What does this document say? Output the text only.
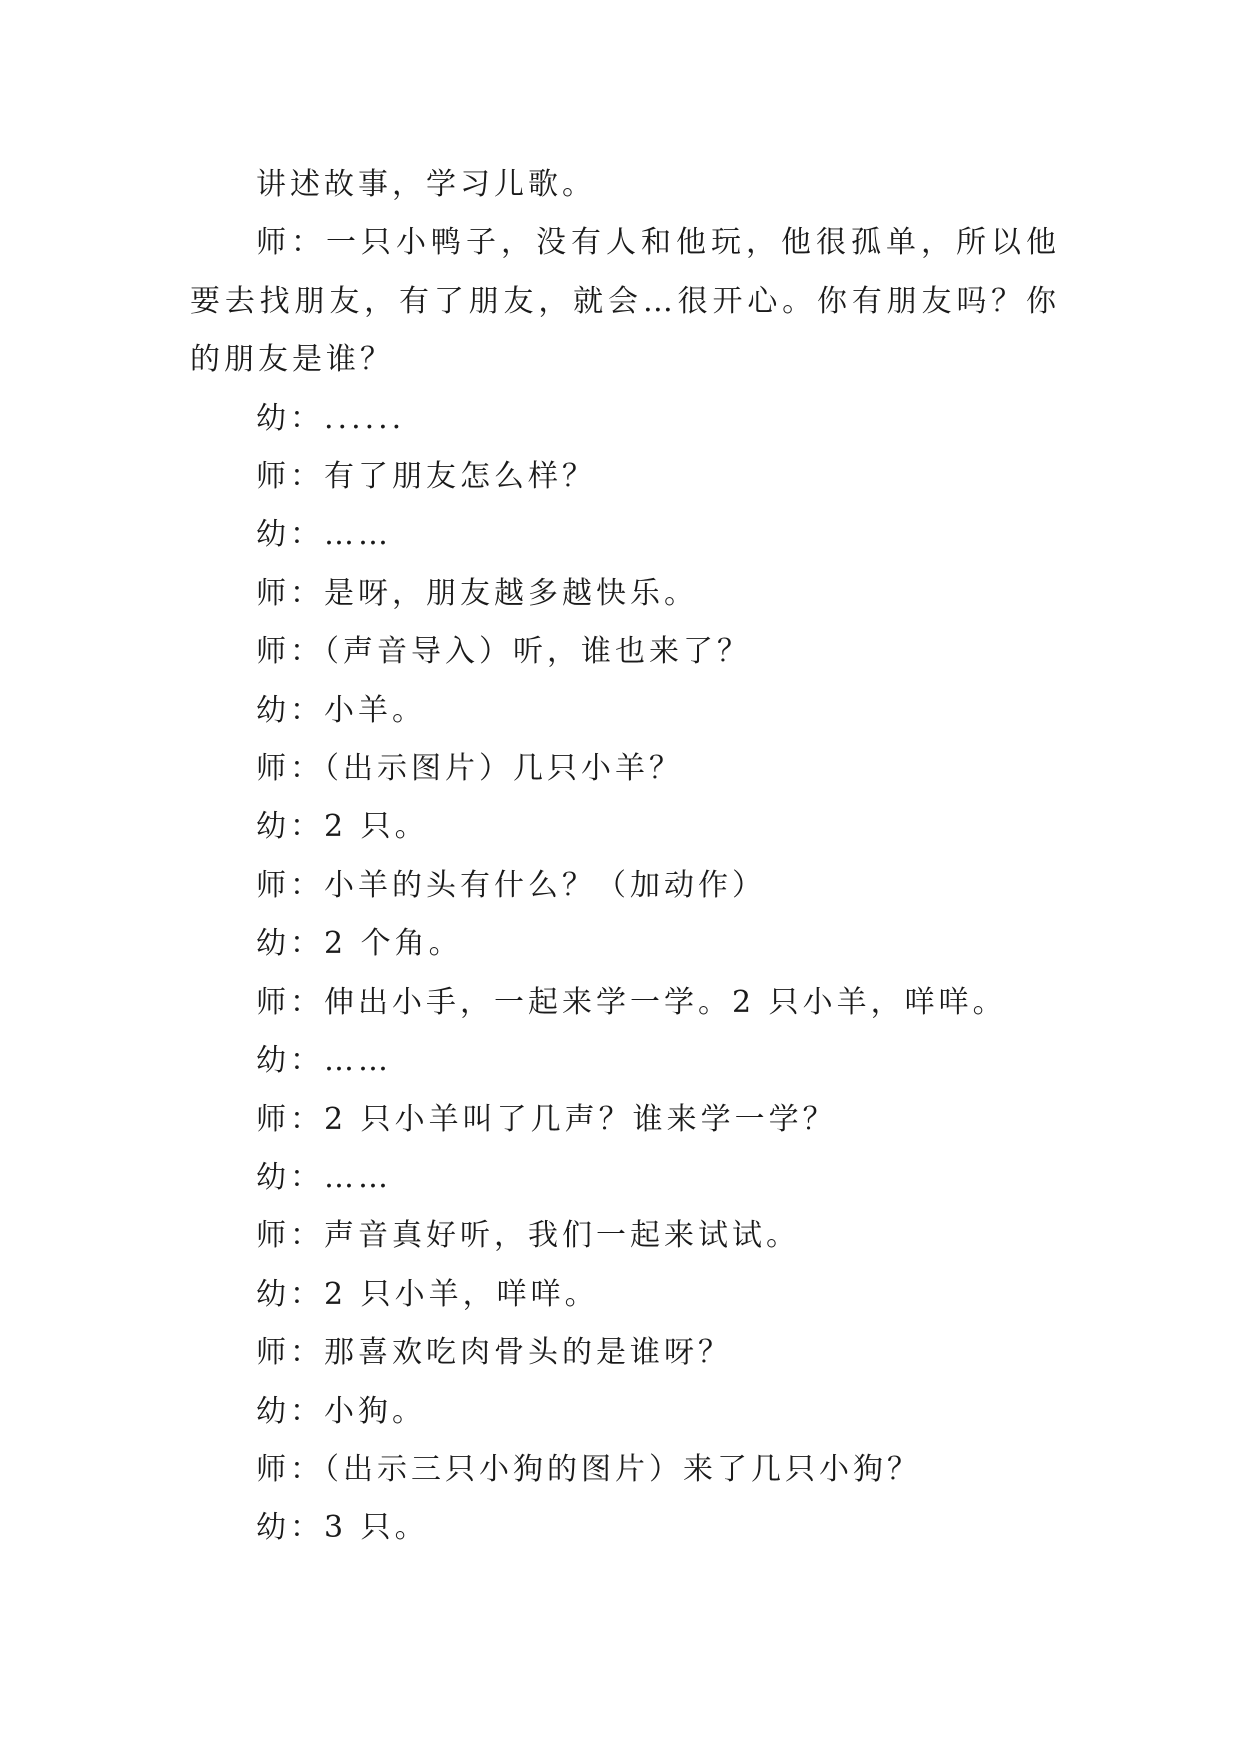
讲述故事，学习儿歌。

师：一只小鸭子，没有人和他玩，他很孤单，所以他要去找朋友，有了朋友，就会…很开心。你有朋友吗？你的朋友是谁？

幼：......

师：有了朋友怎么样？

幼：……

师：是呀，朋友越多越快乐。

师：（声音导入）听，谁也来了？

幼：小羊。

师：（出示图片）几只小羊？

幼：2 只。

师：小羊的头有什么？（加动作）

幼：2 个角。

师：伸出小手，一起来学一学。2 只小羊，咩咩。

幼：……

师：2 只小羊叫了几声？谁来学一学？

幼：……

师：声音真好听，我们一起来试试。

幼：2 只小羊，咩咩。

师：那喜欢吃肉骨头的是谁呀？

幼：小狗。

师：（出示三只小狗的图片）来了几只小狗？

幼：3 只。
